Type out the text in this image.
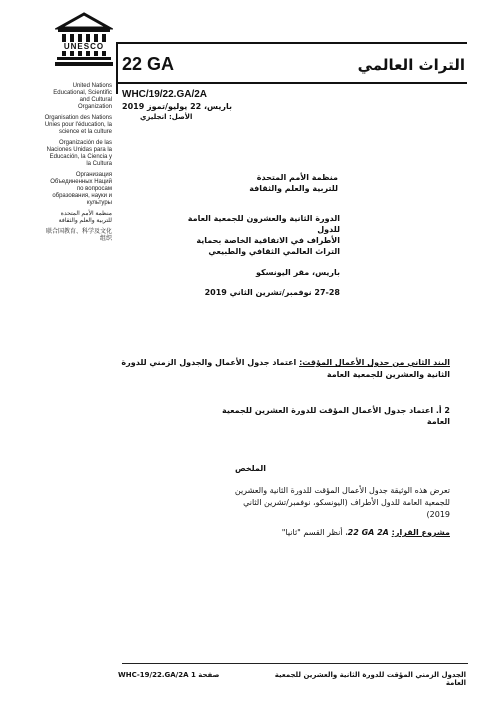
UNESCO
United Nations Educational, Scientific and Cultural Organization
Organisation des Nations Unies pour l'éducation, la science et la culture
Organización de las Naciones Unidas para la Educación, la Ciencia y la Cultura
Организация Объединенных Наций по вопросам образования, науки и культуры
منظمة الأمم المتحدة للتربية والعلم والثقافة
联合国教育、科学及文化组织
22 GA	التراث العالمي
WHC/19/22.GA/2A
باريس، 22 يوليو/تموز 2019
الأصل: انجليزي
منظمة الأمم المتحدة للتربية والعلم والثقافة
الدورة الثانية والعشرون للجمعية العامة للدول
الأطراف في الاتفاقية الخاصة بحماية
التراث العالمي الثقافي والطبيعي
باريس، مقر اليونسكو
27-28 نوفمبر/تشرين الثاني 2019
البند الثاني من جدول الأعمال المؤقت: اعتماد جدول الأعمال والجدول الزمني للدورة الثانية والعشرين للجمعية العامة
2 أ. اعتماد جدول الأعمال المؤقت للدورة العشرين للجمعية العامة
الملخص
تعرض هذه الوثيقة جدول الأعمال المؤقت للدورة الثانية والعشرين للجمعية العامة للدول الأطراف (اليونسكو، نوفمبر/تشرين الثاني 2019)
مشروع القرار: 22 GA 2A، أنظر القسم "ثانيا"
صفحة 1 WHC-19/22.GA/2A	الجدول الزمني المؤقت للدورة الثانية والعشرين للجمعية العامة
